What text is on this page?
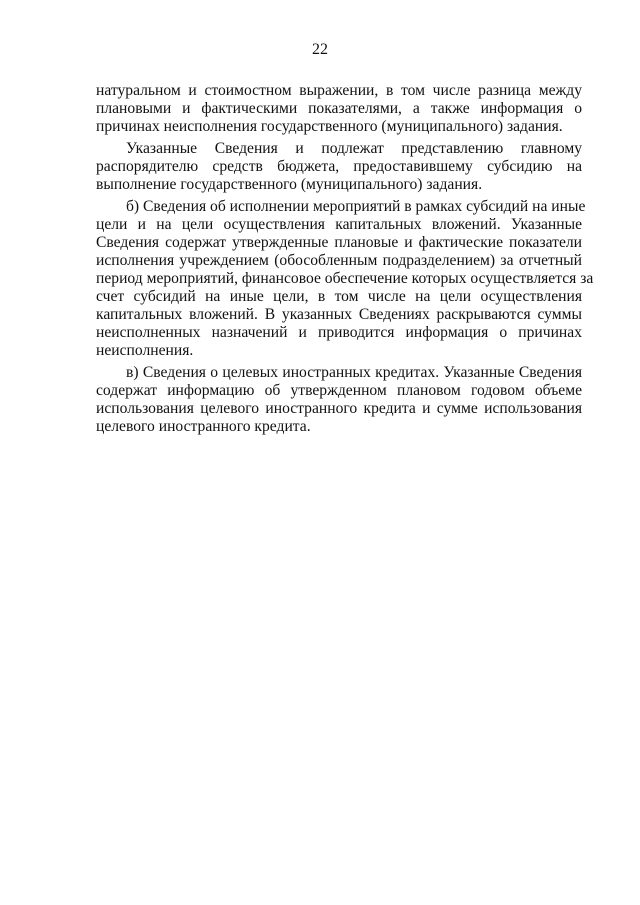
22
натуральном и стоимостном выражении, в том числе разница между
плановыми и фактическими показателями, а также информация о
причинах неисполнения государственного (муниципального) задания.
Указанные Сведения и подлежат представлению главному
распорядителю средств бюджета, предоставившему субсидию на
выполнение государственного (муниципального) задания.
б) Сведения об исполнении мероприятий в рамках субсидий на иные
цели и на цели осуществления капитальных вложений. Указанные
Сведения содержат утвержденные плановые и фактические показатели
исполнения учреждением (обособленным подразделением) за отчетный
период мероприятий, финансовое обеспечение которых осуществляется за
счет субсидий на иные цели, в том числе на цели осуществления
капитальных вложений. В указанных Сведениях раскрываются суммы
неисполненных назначений и приводится информация о причинах
неисполнения.
в) Сведения о целевых иностранных кредитах. Указанные Сведения
содержат информацию об утвержденном плановом годовом объеме
использования целевого иностранного кредита и сумме использования
целевого иностранного кредита.
